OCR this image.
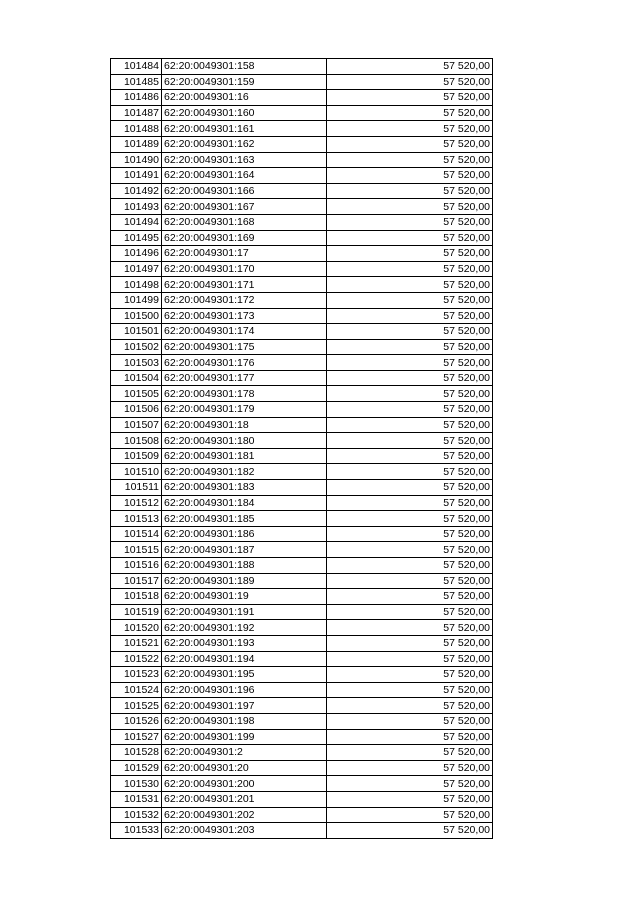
101484	62:20:0049301:158	57 520,00
101485	62:20:0049301:159	57 520,00
101486	62:20:0049301:16	57 520,00
101487	62:20:0049301:160	57 520,00
101488	62:20:0049301:161	57 520,00
101489	62:20:0049301:162	57 520,00
101490	62:20:0049301:163	57 520,00
101491	62:20:0049301:164	57 520,00
101492	62:20:0049301:166	57 520,00
101493	62:20:0049301:167	57 520,00
101494	62:20:0049301:168	57 520,00
101495	62:20:0049301:169	57 520,00
101496	62:20:0049301:17	57 520,00
101497	62:20:0049301:170	57 520,00
101498	62:20:0049301:171	57 520,00
101499	62:20:0049301:172	57 520,00
101500	62:20:0049301:173	57 520,00
101501	62:20:0049301:174	57 520,00
101502	62:20:0049301:175	57 520,00
101503	62:20:0049301:176	57 520,00
101504	62:20:0049301:177	57 520,00
101505	62:20:0049301:178	57 520,00
101506	62:20:0049301:179	57 520,00
101507	62:20:0049301:18	57 520,00
101508	62:20:0049301:180	57 520,00
101509	62:20:0049301:181	57 520,00
101510	62:20:0049301:182	57 520,00
101511	62:20:0049301:183	57 520,00
101512	62:20:0049301:184	57 520,00
101513	62:20:0049301:185	57 520,00
101514	62:20:0049301:186	57 520,00
101515	62:20:0049301:187	57 520,00
101516	62:20:0049301:188	57 520,00
101517	62:20:0049301:189	57 520,00
101518	62:20:0049301:19	57 520,00
101519	62:20:0049301:191	57 520,00
101520	62:20:0049301:192	57 520,00
101521	62:20:0049301:193	57 520,00
101522	62:20:0049301:194	57 520,00
101523	62:20:0049301:195	57 520,00
101524	62:20:0049301:196	57 520,00
101525	62:20:0049301:197	57 520,00
101526	62:20:0049301:198	57 520,00
101527	62:20:0049301:199	57 520,00
101528	62:20:0049301:2	57 520,00
101529	62:20:0049301:20	57 520,00
101530	62:20:0049301:200	57 520,00
101531	62:20:0049301:201	57 520,00
101532	62:20:0049301:202	57 520,00
101533	62:20:0049301:203	57 520,00
